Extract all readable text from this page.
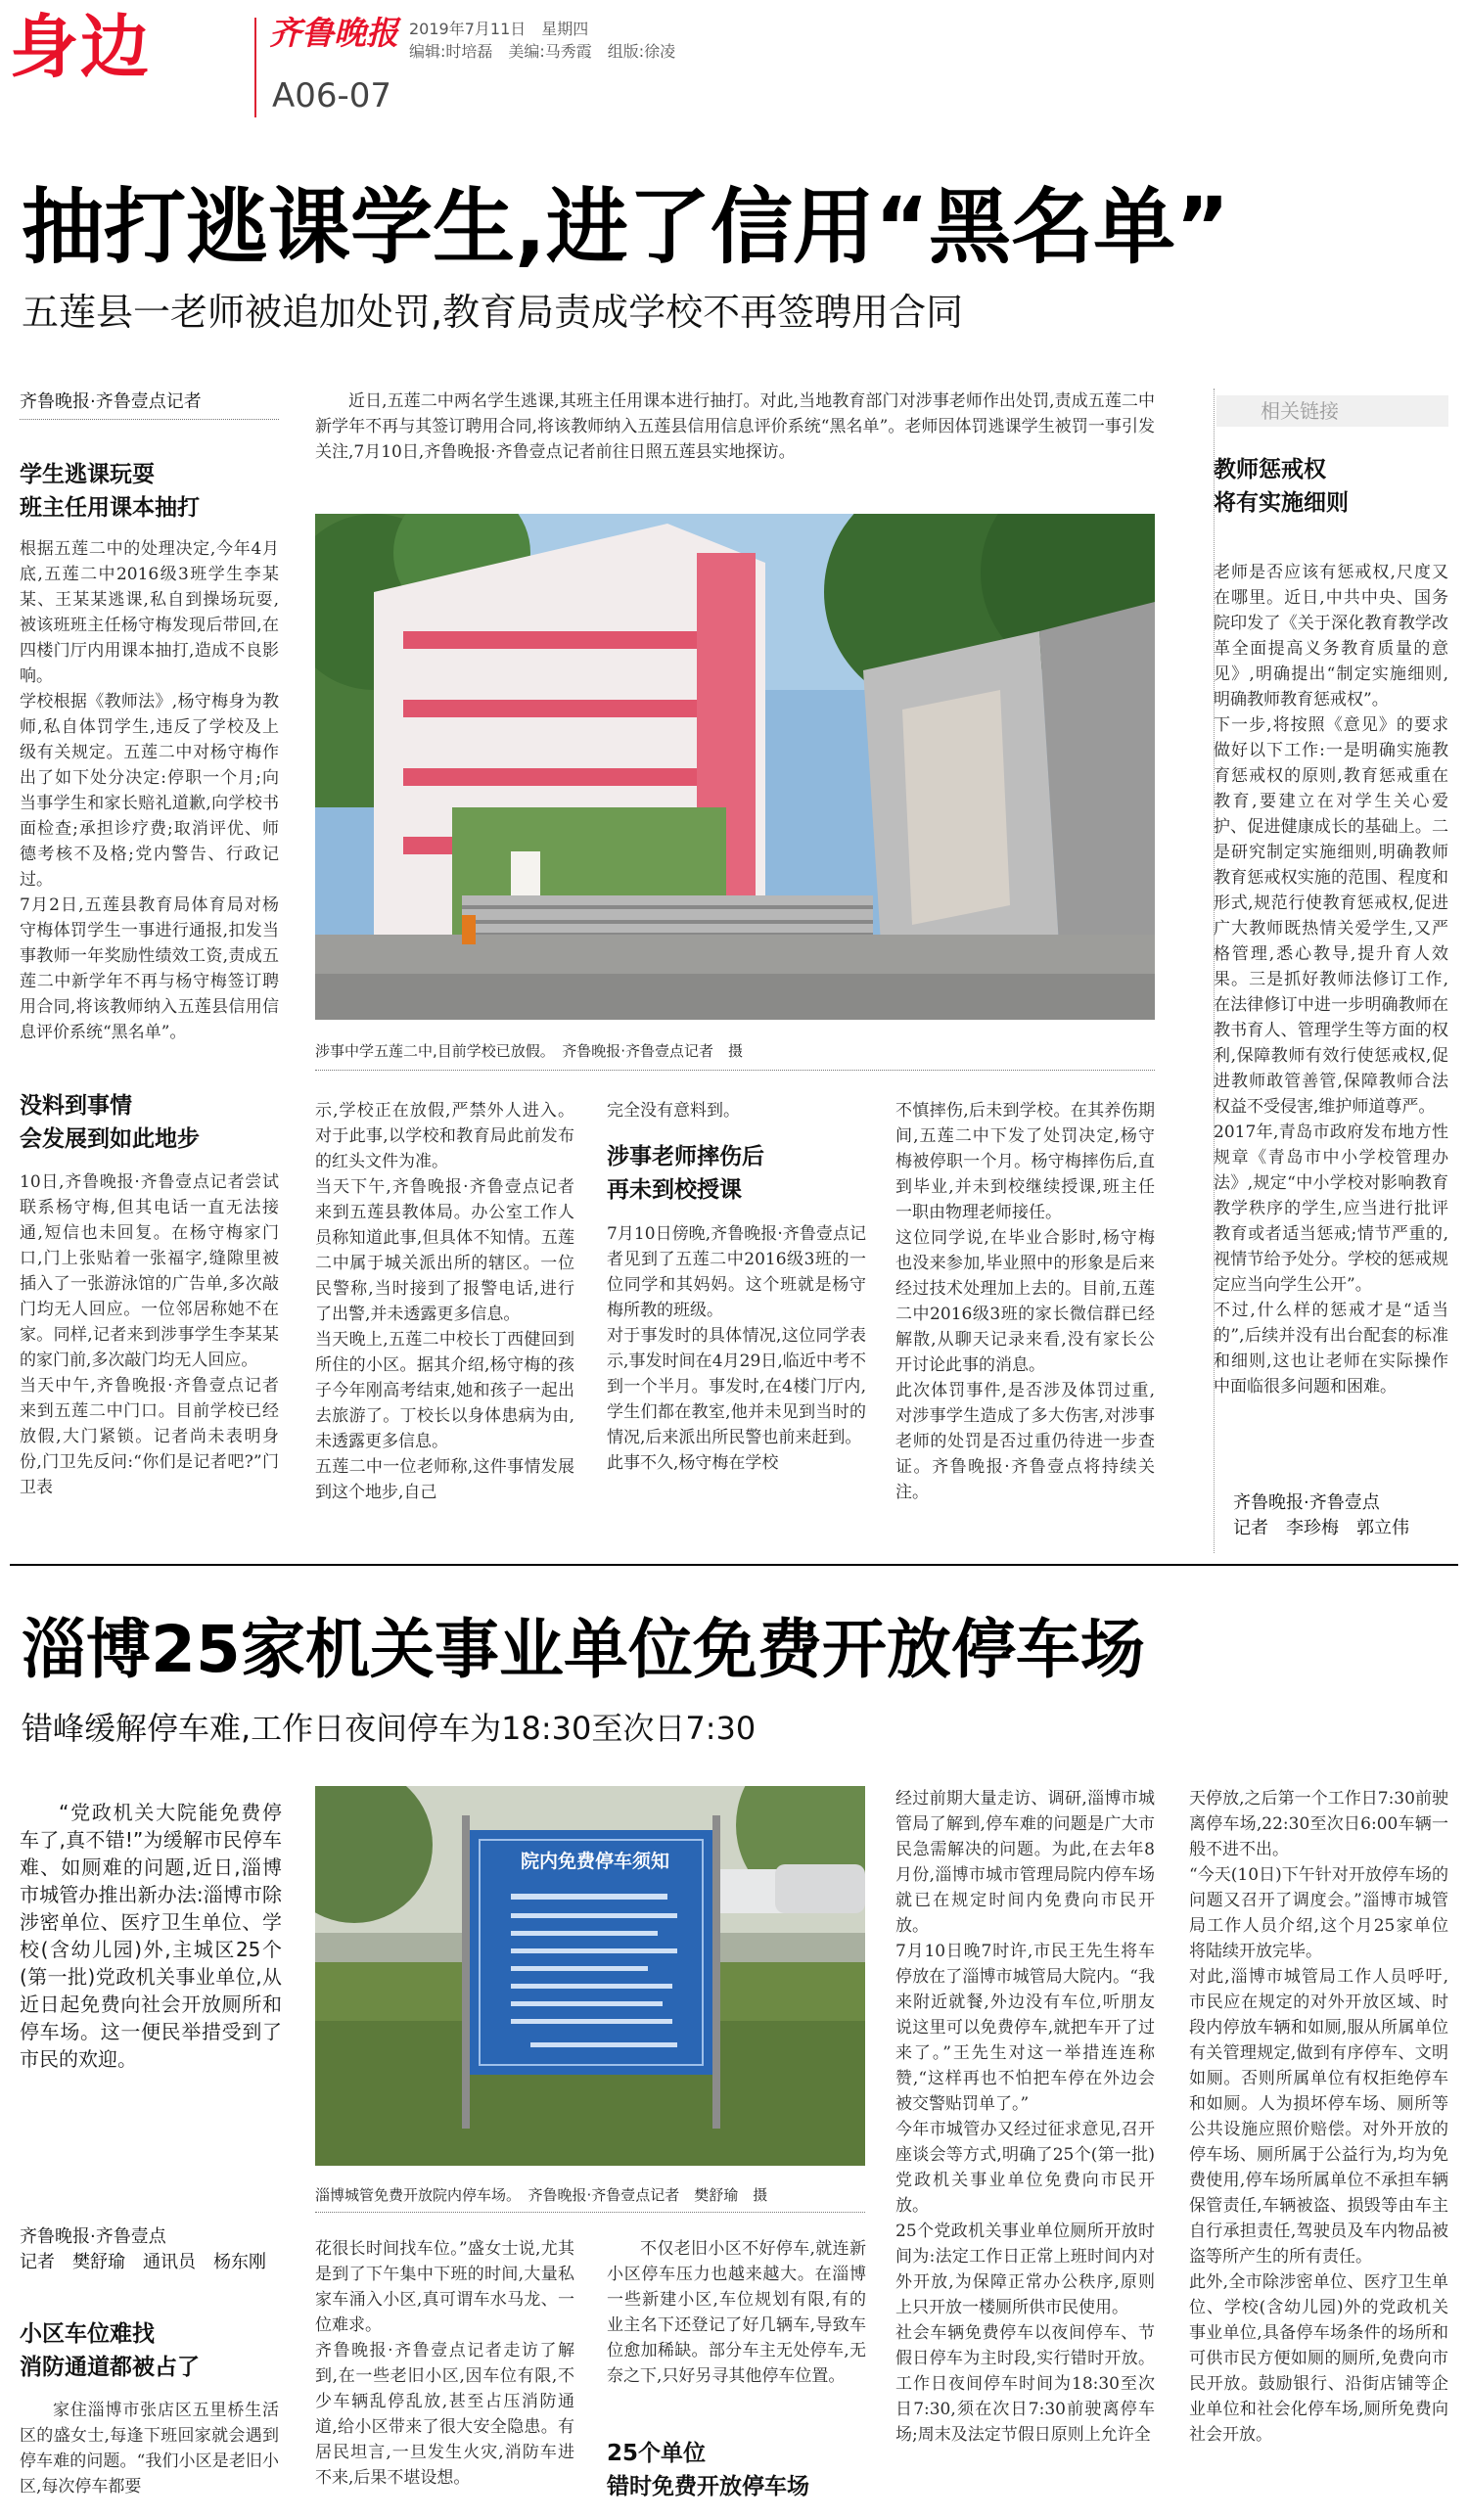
身边	齐鲁晚报 2019年7月11日　 星期四
编辑:时培磊　美编:马秀霞　组版:徐凌
A06-07
抽打逃课学生,进了信用“黑名单”
五莲县一老师被追加处罚,教育局责成学校不再签聘用合同
齐鲁晚报·齐鲁壹点记者	近日,五莲二中两名学生逃课,其班主任用课本进行抽打。对此,当地教育部门对涉事老师作出处罚,责成五莲二中新学年不再与其签订聘用合同,将该教师纳入五莲县信用信息评价系统“黑名单”。老师因体罚逃课学生被罚一事引发关注,7月10日,齐鲁晚报·齐鲁壹点记者前往日照五莲县实地探访。
涉事中学五莲二中,目前学校已放假。　齐鲁晚报·齐鲁壹点记者　摄
学生逃课玩耍
班主任用课本抽打
根据五莲二中的处理决定,今年4月底,五莲二中2016级3班学生李某某、王某某逃课,私自到操场玩耍,被该班班主任杨守梅发现后带回,在四楼门厅内用课本抽打,造成不良影响。
学校根据《教师法》,杨守梅身为教师,私自体罚学生,违反了学校及上级有关规定。五莲二中对杨守梅作出了如下处分决定:停职一个月;向当事学生和家长赔礼道歉,向学校书面检查;承担诊疗费;取消评优、师德考核不及格;党内警告、行政记过。
7月2日,五莲县教育局体育局对杨守梅体罚学生一事进行通报,扣发当事教师一年奖励性绩效工资,责成五莲二中新学年不再与杨守梅签订聘用合同,将该教师纳入五莲县信用信息评价系统“黑名单”。
没料到事情
会发展到如此地步
10日,齐鲁晚报·齐鲁壹点记者尝试联系杨守梅,但其电话一直无法接通,短信也未回复。在杨守梅家门口,门上张贴着一张福字,缝隙里被插入了一张游泳馆的广告单,多次敲门均无人回应。一位邻居称她不在家。同样,记者来到涉事学生李某某的家门前,多次敲门均无人回应。
当天中午,齐鲁晚报·齐鲁壹点记者来到五莲二中门口。目前学校已经放假,大门紧锁。记者尚未表明身份,门卫先反问:“你们是记者吧?”门卫表
示,学校正在放假,严禁外人进入。对于此事,以学校和教育局此前发布的红头文件为准。
当天下午,齐鲁晚报·齐鲁壹点记者来到五莲县教体局。办公室工作人员称知道此事,但具体不知情。五莲二中属于城关派出所的辖区。一位民警称,当时接到了报警电话,进行了出警,并未透露更多信息。
当天晚上,五莲二中校长丁西健回到所住的小区。据其介绍,杨守梅的孩子今年刚高考结束,她和孩子一起出去旅游了。丁校长以身体患病为由,未透露更多信息。
五莲二中一位老师称,这件事情发展到这个地步,自己
完全没有意料到。
涉事老师摔伤后
再未到校授课
7月10日傍晚,齐鲁晚报·齐鲁壹点记者见到了五莲二中2016级3班的一位同学和其妈妈。这个班就是杨守梅所教的班级。
对于事发时的具体情况,这位同学表示,事发时间在4月29日,临近中考不到一个半月。事发时,在4楼门厅内,学生们都在教室,他并未见到当时的情况,后来派出所民警也前来赶到。
此事不久,杨守梅在学校
不慎摔伤,后未到学校。在其养伤期间,五莲二中下发了处罚决定,杨守梅被停职一个月。杨守梅摔伤后,直到毕业,并未到校继续授课,班主任一职由物理老师接任。
这位同学说,在毕业合影时,杨守梅也没来参加,毕业照中的形象是后来经过技术处理加上去的。目前,五莲二中2016级3班的家长微信群已经解散,从聊天记录来看,没有家长公开讨论此事的消息。
此次体罚事件,是否涉及体罚过重,对涉事学生造成了多大伤害,对涉事老师的处罚是否过重仍待进一步查证。齐鲁晚报·齐鲁壹点将持续关注。
相关链接
教师惩戒权
将有实施细则
老师是否应该有惩戒权,尺度又在哪里。近日,中共中央、国务院印发了《关于深化教育教学改革全面提高义务教育质量的意见》,明确提出“制定实施细则,明确教师教育惩戒权”。
下一步,将按照《意见》的要求做好以下工作:一是明确实施教育惩戒权的原则,教育惩戒重在教育,要建立在对学生关心爱护、促进健康成长的基础上。二是研究制定实施细则,明确教师教育惩戒权实施的范围、程度和形式,规范行使教育惩戒权,促进广大教师既热情关爱学生,又严格管理,悉心教导,提升育人效果。三是抓好教师法修订工作,在法律修订中进一步明确教师在教书育人、管理学生等方面的权利,保障教师有效行使惩戒权,促进教师敢管善管,保障教师合法权益不受侵害,维护师道尊严。
2017年,青岛市政府发布地方性规章《青岛市中小学校管理办法》,规定“中小学校对影响教育教学秩序的学生,应当进行批评教育或者适当惩戒;情节严重的,视情节给予处分。学校的惩戒规定应当向学生公开”。
不过,什么样的惩戒才是“适当的”,后续并没有出台配套的标准和细则,这也让老师在实际操作中面临很多问题和困难。
齐鲁晚报·齐鲁壹点
记者　李珍梅　郭立伟
淄博25家机关事业单位免费开放停车场
错峰缓解停车难,工作日夜间停车为18:30至次日7:30
“党政机关大院能免费停车了,真不错!”为缓解市民停车难、如厕难的问题,近日,淄博市城管办推出新办法:淄博市除涉密单位、医疗卫生单位、学校(含幼儿园)外,主城区25个(第一批)党政机关事业单位,从近日起免费向社会开放厕所和停车场。这一便民举措受到了市民的欢迎。
院内免费停车须知
淄博城管免费开放院内停车场。　齐鲁晚报·齐鲁壹点记者　樊舒瑜　摄
齐鲁晚报·齐鲁壹点
记者　樊舒瑜　通讯员　杨东刚
小区车位难找
消防通道都被占了
家住淄博市张店区五里桥生活区的盛女士,每逢下班回家就会遇到停车难的问题。“我们小区是老旧小区,每次停车都要
花很长时间找车位。”盛女士说,尤其是到了下午集中下班的时间,大量私家车涌入小区,真可谓车水马龙、一位难求。
齐鲁晚报·齐鲁壹点记者走访了解到,在一些老旧小区,因车位有限,不少车辆乱停乱放,甚至占压消防通道,给小区带来了很大安全隐患。有居民坦言,一旦发生火灾,消防车进不来,后果不堪设想。
不仅老旧小区不好停车,就连新小区停车压力也越来越大。在淄博一些新建小区,车位规划有限,有的业主名下还登记了好几辆车,导致车位愈加稀缺。部分车主无处停车,无奈之下,只好另寻其他停车位置。
25个单位
错时免费开放停车场
经过前期大量走访、调研,淄博市城管局了解到,停车难的问题是广大市民急需解决的问题。为此,在去年8月份,淄博市城市管理局院内停车场就已在规定时间内免费向市民开放。
7月10日晚7时许,市民王先生将车停放在了淄博市城管局大院内。“我来附近就餐,外边没有车位,听朋友说这里可以免费停车,就把车开了过来了。”王先生对这一举措连连称赞,“这样再也不怕把车停在外边会被交警贴罚单了。”
今年市城管办又经过征求意见,召开座谈会等方式,明确了25个(第一批)党政机关事业单位免费向市民开放。
25个党政机关事业单位厕所开放时间为:法定工作日正常上班时间内对外开放,为保障正常办公秩序,原则上只开放一楼厕所供市民使用。
社会车辆免费停车以夜间停车、节假日停车为主时段,实行错时开放。工作日夜间停车时间为18:30至次日7:30,须在次日7:30前驶离停车场;周末及法定节假日原则上允许全
天停放,之后第一个工作日7:30前驶离停车场,22:30至次日6:00车辆一般不进不出。
“今天(10日)下午针对开放停车场的问题又召开了调度会。”淄博市城管局工作人员介绍,这个月25家单位将陆续开放完毕。
对此,淄博市城管局工作人员呼吁,市民应在规定的对外开放区域、时段内停放车辆和如厕,服从所属单位有关管理规定,做到有序停车、文明如厕。否则所属单位有权拒绝停车和如厕。人为损坏停车场、厕所等公共设施应照价赔偿。对外开放的停车场、厕所属于公益行为,均为免费使用,停车场所属单位不承担车辆保管责任,车辆被盗、损毁等由车主自行承担责任,驾驶员及车内物品被盗等所产生的所有责任。
此外,全市除涉密单位、医疗卫生单位、学校(含幼儿园)外的党政机关事业单位,具备停车场条件的场所和可供市民方便如厕的厕所,免费向市民开放。鼓励银行、沿街店铺等企业单位和社会化停车场,厕所免费向社会开放。
